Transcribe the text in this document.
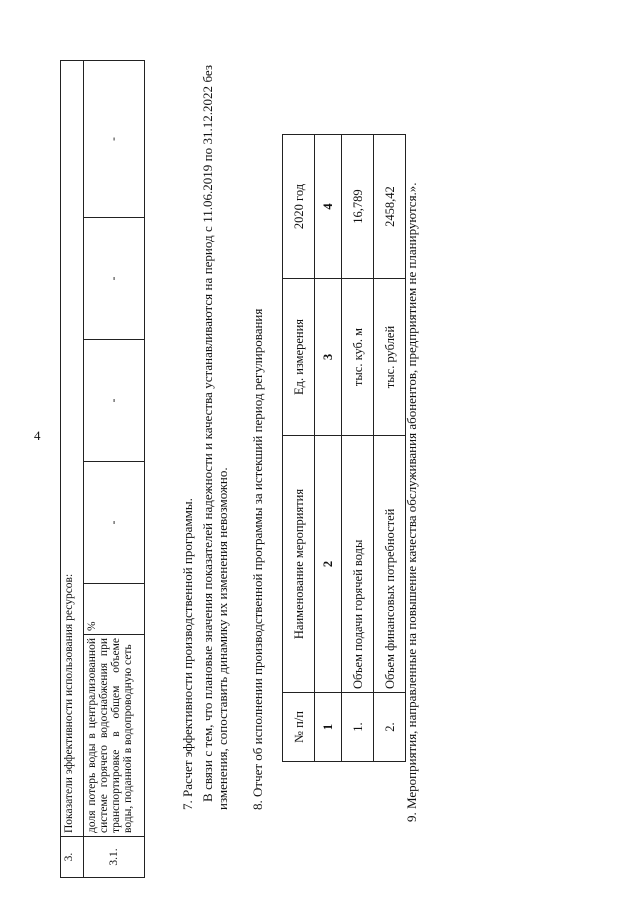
4
3.	Показатели эффективности использования ресурсов:					
3.1.	доля потерь воды в централизованной системе горячего водоснабжения при транспортировке в общем объеме воды, поданной в водопроводную сеть	%	-	-	-	-
7. Расчет эффективности производственной программы. В связи с тем, что плановые значения показателей надежности и качества устанавливаются на период с 11.06.2019 по 31.12.2022 без изменения, сопоставить динамику их изменения невозможно. 8. Отчет об исполнении производственной программы за истекший период регулирования № п/п	Наименование мероприятия	Ед. измерения	2020 год
1	2	3	4
1.	Объем подачи горячей воды	тыс. куб. м	16,789
2.	Объем финансовых потребностей	тыс. рублей	2458,42 9. Мероприятия, направленные на повышение качества обслуживания абонентов, предприятием не планируются.».
